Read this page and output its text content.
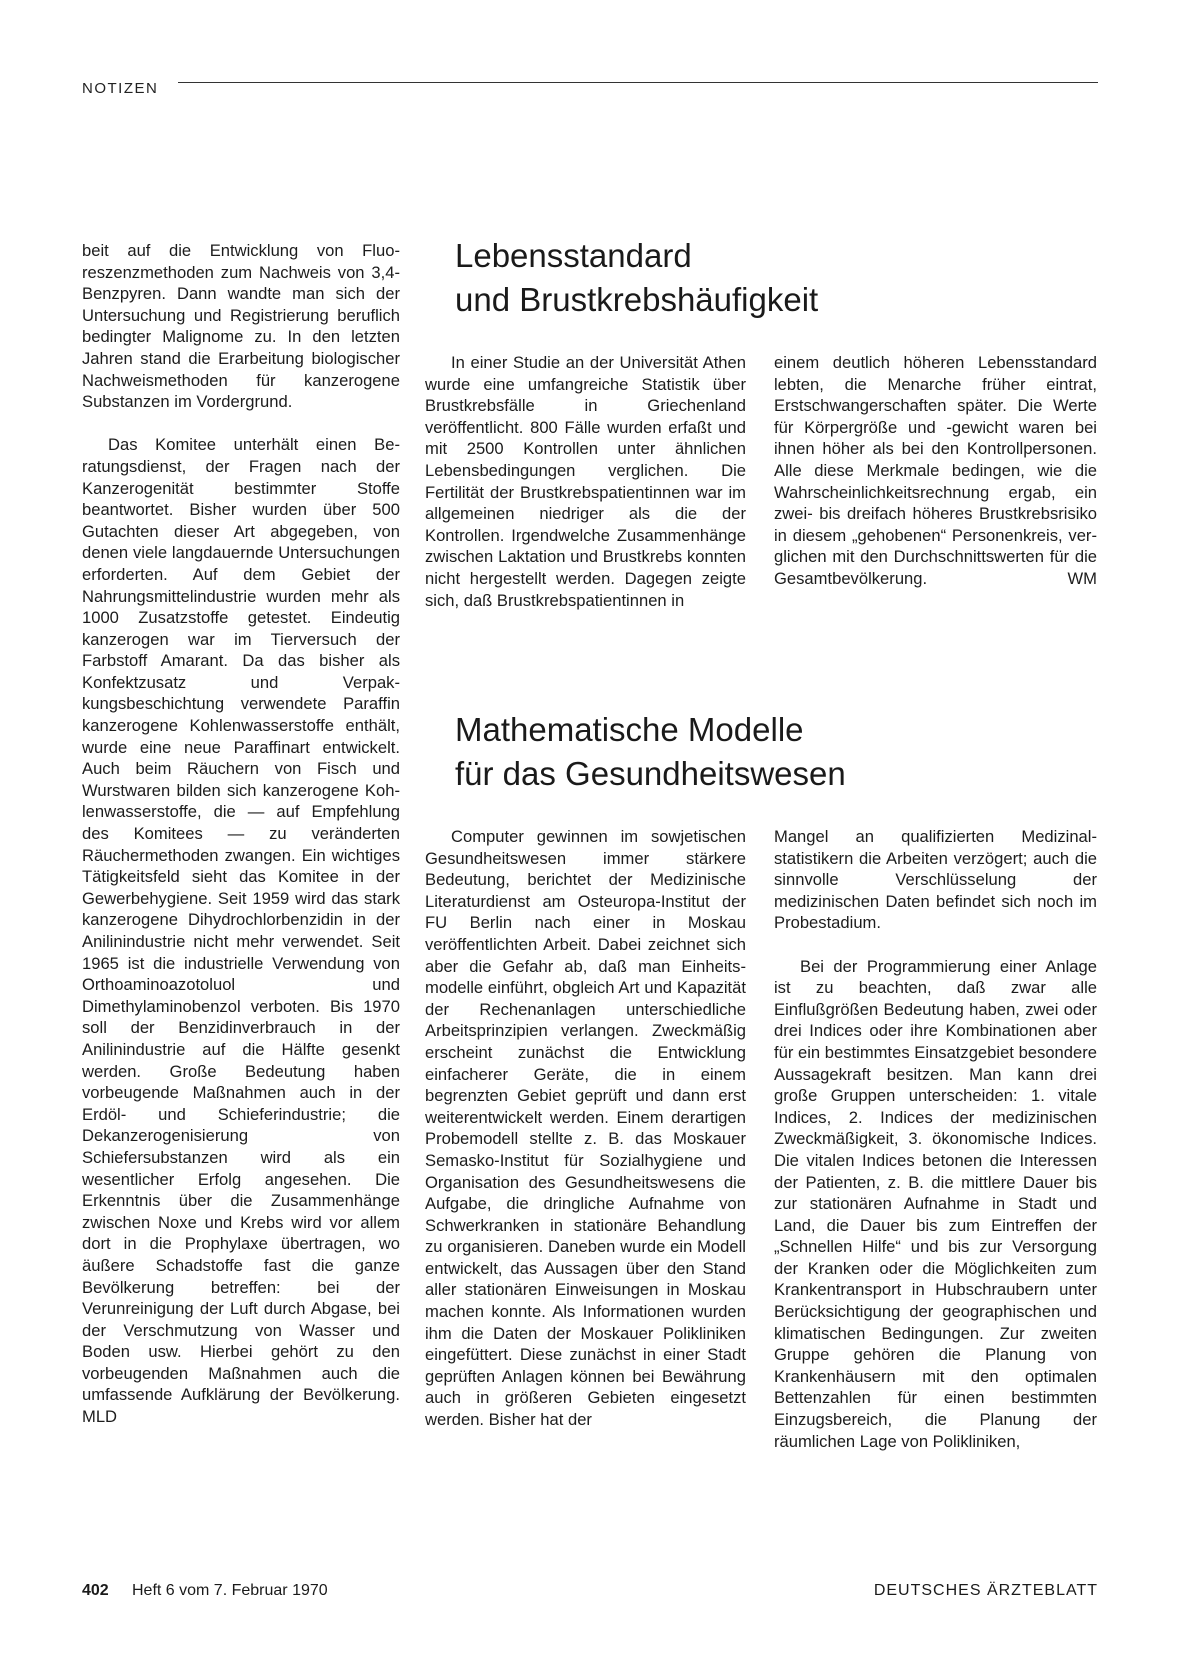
NOTIZEN

beit auf die Entwicklung von Fluoreszenzmethoden zum Nachweis von 3,4-Benzpyren. Dann wandte man sich der Untersuchung und Registrierung beruflich bedingter Malignome zu. In den letzten Jahren stand die Erarbeitung biologischer Nachweismethoden für kanzerogene Substanzen im Vordergrund.

Das Komitee unterhält einen Beratungsdienst, der Fragen nach der Kanzerogenität bestimmter Stoffe beantwortet. Bisher wurden über 500 Gutachten dieser Art abgegeben, von denen viele langdauernde Untersuchungen erforderten. Auf dem Gebiet der Nahrungsmittelindustrie wurden mehr als 1000 Zusatzstoffe getestet. Eindeutig kanzerogen war im Tierversuch der Farbstoff Amarant. Da das bisher als Konfektzusatz und Verpakkungsbeschichtung verwendete Paraffin kanzerogene Kohlenwasserstoffe enthält, wurde eine neue Paraffinart entwickelt. Auch beim Räuchern von Fisch und Wurstwaren bilden sich kanzerogene Kohlenwasserstoffe, die — auf Empfehlung des Komitees — zu veränderten Räuchermethoden zwangen. Ein wichtiges Tätigkeitsfeld sieht das Komitee in der Gewerbehygiene. Seit 1959 wird das stark kanzerogene Dihydrochlorbenzidin in der Anilinindustrie nicht mehr verwendet. Seit 1965 ist die industrielle Verwendung von Orthoaminoazotoluol und Dimethylaminobenzol verboten. Bis 1970 soll der Benzidinverbrauch in der Anilinindustrie auf die Hälfte gesenkt werden. Große Bedeutung haben vorbeugende Maßnahmen auch in der Erdöl- und Schieferindustrie; die Dekanzerogenisierung von Schiefersubstanzen wird als ein wesentlicher Erfolg angesehen. Die Erkenntnis über die Zusammenhänge zwischen Noxe und Krebs wird vor allem dort in die Prophylaxe übertragen, wo äußere Schadstoffe fast die ganze Bevölkerung betreffen: bei der Verunreinigung der Luft durch Abgase, bei der Verschmutzung von Wasser und Boden usw. Hierbei gehört zu den vorbeugenden Maßnahmen auch die umfassende Aufklärung der Bevölkerung. MLD

Lebensstandard
und Brustkrebshäufigkeit

In einer Studie an der Universität Athen wurde eine umfangreiche Statistik über Brustkrebsfälle in Griechenland veröffentlicht. 800 Fälle wurden erfaßt und mit 2500 Kontrollen unter ähnlichen Lebensbedingungen verglichen. Die Fertilität der Brustkrebspatientinnen war im allgemeinen niedriger als die der Kontrollen. Irgendwelche Zusammenhänge zwischen Laktation und Brustkrebs konnten nicht hergestellt werden. Dagegen zeigte sich, daß Brustkrebspatientinnen in

einem deutlich höheren Lebensstandard lebten, die Menarche früher eintrat, Erstschwangerschaften später. Die Werte für Körpergröße und -gewicht waren bei ihnen höher als bei den Kontrollpersonen. Alle diese Merkmale bedingen, wie die Wahrscheinlichkeitsrechnung ergab, ein zwei- bis dreifach höheres Brustkrebsrisiko in diesem „gehobenen“ Personenkreis, verglichen mit den Durchschnittswerten für die Gesamtbevölkerung.	WM
Mathematische Modelle
für das Gesundheitswesen

Computer gewinnen im sowjetischen Gesundheitswesen immer stärkere Bedeutung, berichtet der Medizinische Literaturdienst am Osteuropa-Institut der FU Berlin nach einer in Moskau veröffentlichten Arbeit. Dabei zeichnet sich aber die Gefahr ab, daß man Einheitsmodelle einführt, obgleich Art und Kapazität der Rechenanlagen unterschiedliche Arbeitsprinzipien verlangen. Zweckmäßig erscheint zunächst die Entwicklung einfacherer Geräte, die in einem begrenzten Gebiet geprüft und dann erst weiterentwickelt werden. Einem derartigen Probemodell stellte z. B. das Moskauer Semasko-Institut für Sozialhygiene und Organisation des Gesundheitswesens die Aufgabe, die dringliche Aufnahme von Schwerkranken in stationäre Behandlung zu organisieren. Daneben wurde ein Modell entwickelt, das Aussagen über den Stand aller stationären Einweisungen in Moskau machen konnte. Als Informationen wurden ihm die Daten der Moskauer Polikliniken eingefüttert. Diese zunächst in einer Stadt geprüften Anlagen können bei Bewährung auch in größeren Gebieten eingesetzt werden. Bisher hat der

Mangel an qualifizierten Medizinalstatistikern die Arbeiten verzögert; auch die sinnvolle Verschlüsselung der medizinischen Daten befindet sich noch im Probestadium.

Bei der Programmierung einer Anlage ist zu beachten, daß zwar alle Einflußgrößen Bedeutung haben, zwei oder drei Indices oder ihre Kombinationen aber für ein bestimmtes Einsatzgebiet besondere Aussagekraft besitzen. Man kann drei große Gruppen unterscheiden: 1. vitale Indices, 2. Indices der medizinischen Zweckmäßigkeit, 3. ökonomische Indices. Die vitalen Indices betonen die Interessen der Patienten, z. B. die mittlere Dauer bis zur stationären Aufnahme in Stadt und Land, die Dauer bis zum Eintreffen der „Schnellen Hilfe“ und bis zur Versorgung der Kranken oder die Möglichkeiten zum Krankentransport in Hubschraubern unter Berücksichtigung der geographischen und klimatischen Bedingungen. Zur zweiten Gruppe gehören die Planung von Krankenhäusern mit den optimalen Bettenzahlen für einen bestimmten Einzugsbereich, die Planung der räumlichen Lage von Polikliniken,

402 Heft 6 vom 7. Februar 1970	DEUTSCHES ÄRZTEBLATT
